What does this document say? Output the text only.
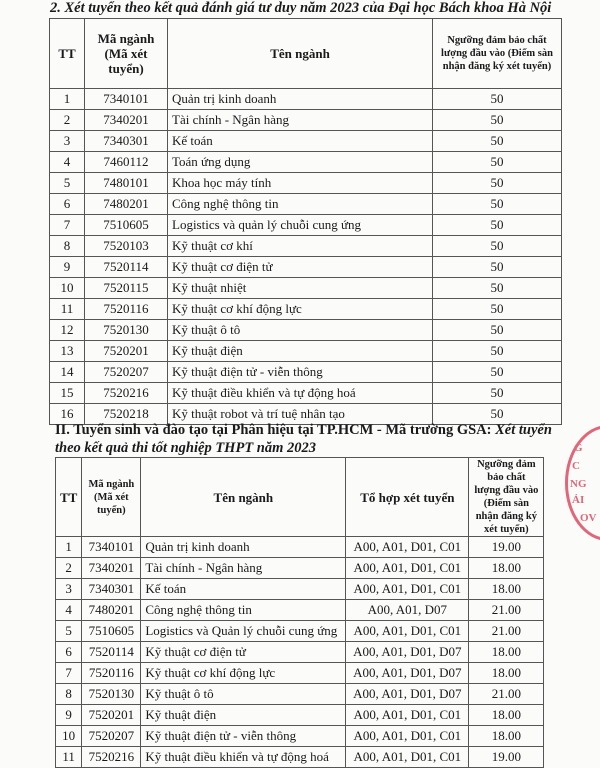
2. Xét tuyển theo kết quả đánh giá tư duy năm 2023 của Đại học Bách khoa Hà Nội
TT	Mã ngành (Mã xét tuyển)	Tên ngành	Ngưỡng đảm bảo chất lượng đầu vào (Điểm sàn nhận đăng ký xét tuyển)
1	7340101	Quản trị kinh doanh	50
2	7340201	Tài chính - Ngân hàng	50
3	7340301	Kế toán	50
4	7460112	Toán ứng dụng	50
5	7480101	Khoa học máy tính	50
6	7480201	Công nghệ thông tin	50
7	7510605	Logistics và quản lý chuỗi cung ứng	50
8	7520103	Kỹ thuật cơ khí	50
9	7520114	Kỹ thuật cơ điện tử	50
10	7520115	Kỹ thuật nhiệt	50
11	7520116	Kỹ thuật cơ khí động lực	50
12	7520130	Kỹ thuật ô tô	50
13	7520201	Kỹ thuật điện	50
14	7520207	Kỹ thuật điện tử - viễn thông	50
15	7520216	Kỹ thuật điều khiển và tự động hoá	50
16	7520218	Kỹ thuật robot và trí tuệ nhân tạo	50
II. Tuyển sinh và đào tạo tại Phân hiệu tại TP.HCM - Mã trường GSA: Xét tuyển theo kết quả thi tốt nghiệp THPT năm 2023
TT	Mã ngành (Mã xét tuyển)	Tên ngành	Tổ hợp xét tuyển	Ngưỡng đảm bảo chất lượng đầu vào (Điểm sàn nhận đăng ký xét tuyển)
1	7340101	Quản trị kinh doanh	A00, A01, D01, C01	19.00
2	7340201	Tài chính - Ngân hàng	A00, A01, D01, C01	18.00
3	7340301	Kế toán	A00, A01, D01, C01	18.00
4	7480201	Công nghệ thông tin	A00, A01, D07	21.00
5	7510605	Logistics và Quản lý chuỗi cung ứng	A00, A01, D01, C01	21.00
6	7520114	Kỹ thuật cơ điện tử	A00, A01, D01, D07	18.00
7	7520116	Kỹ thuật cơ khí động lực	A00, A01, D01, D07	18.00
8	7520130	Kỹ thuật ô tô	A00, A01, D01, D07	21.00
9	7520201	Kỹ thuật điện	A00, A01, D01, C01	18.00
10	7520207	Kỹ thuật điện tử - viễn thông	A00, A01, D01, C01	18.00
11	7520216	Kỹ thuật điều khiển và tự động hoá	A00, A01, D01, C01	19.00
G
C
NG
ẢI
OV
